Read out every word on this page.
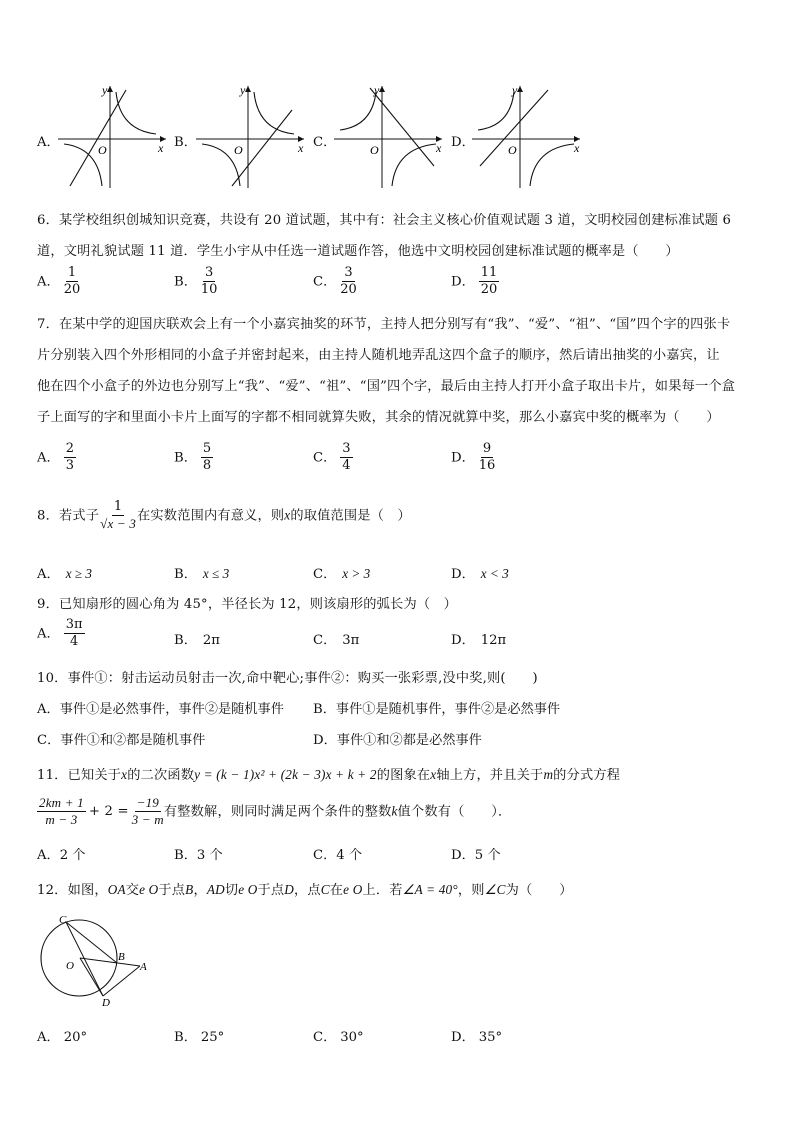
A．	O	x
y
B．	O	x
y
C．	O	x
y
D．	O	x
y
6．某学校组织创城知识竞赛，共设有 20 道试题，其中有：社会主义核心价值观试题 3 道，文明校园创建标准试题 6
道，文明礼貌试题 11 道．学生小宇从中任选一道试题作答，他选中文明校园创建标准试题的概率是（　　）
A． $\frac{1}{20}$	B． $\frac{3}{10}$	C． $\frac{3}{20}$	D． $\frac{11}{20}$
7．在某中学的迎国庆联欢会上有一个小嘉宾抽奖的环节，主持人把分别写有“我”、“爱”、“祖”、“国”四个字的四张卡
片分别装入四个外形相同的小盒子并密封起来，由主持人随机地弄乱这四个盒子的顺序，然后请出抽奖的小嘉宾，让
他在四个小盒子的外边也分别写上“我”、“爱”、“祖”、“国”四个字，最后由主持人打开小盒子取出卡片，如果每一个盒
子上面写的字和里面小卡片上面写的字都不相同就算失败，其余的情况就算中奖，那么小嘉宾中奖的概率为（　　）
A． $\frac{2}{3}$	B． $\frac{5}{8}$	C． $\frac{3}{4}$	D． $\frac{9}{16}$
8．若式子 $\frac{1}{√x - 3}$ 在实数范围内有意义，则x的取值范围是（　）
A． x ≥ 3	B． x ≤ 3	C． x > 3	D． x < 3
9．已知扇形的圆心角为 45°，半径长为 12，则该扇形的弧长为（　）
A． $\frac{3\pi}{4}$	B． 2π	C． 3π	D． 12π
10．事件①：射击运动员射击一次,命中靶心;事件②：购买一张彩票,没中奖,则(　　)
A．事件①是必然事件，事件②是随机事件 B．事件①是随机事件，事件②是必然事件
C．事件①和②都是随机事件	D．事件①和②都是必然事件
11．已知关于x的二次函数y = (k − 1)x² + (2k − 3)x + k + 2的图象在x轴上方，并且关于m的分式方程
$\frac{2km + 1}{m - 3} + 2 = \frac{-19}{3 - m}$ 有整数解，则同时满足两个条件的整数k值个数有（　　）．
A．2 个	B．3 个	C．4 个	D．5 个
12．如图，OA交e O于点B，AD切e O于点D，点C在e O上．若∠A = 40°，则∠C为（　　）
C
O
B
A
D
A． 20°	B． 25°	C． 30°	D． 35°
